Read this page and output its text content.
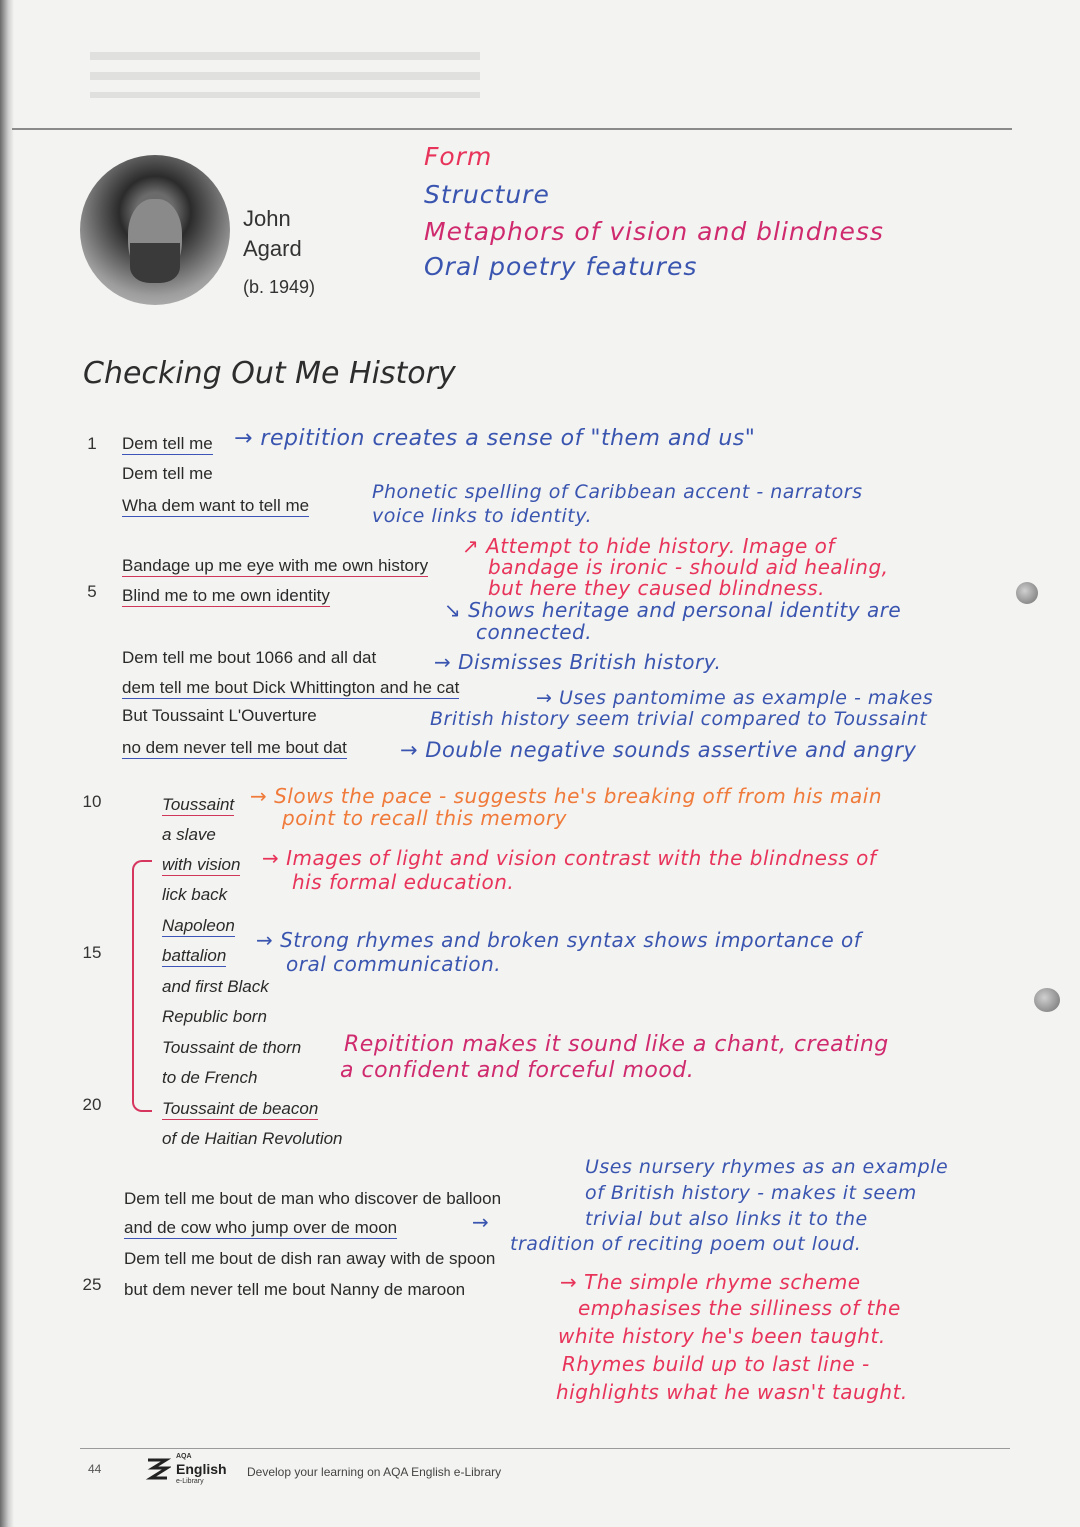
John
Agard
(b. 1949)
Form
Structure
Metaphors of vision and blindness
Oral poetry features
Checking Out Me History
1
5
10
15
20
25
Dem tell me
Dem tell me
Wha dem want to tell me
Bandage up me eye with me own history
Blind me to me own identity
Dem tell me bout 1066 and all dat
dem tell me bout Dick Whittington and he cat
But Toussaint L'Ouverture
no dem never tell me bout dat
Toussaint
a slave
with vision
lick back
Napoleon
battalion
and first Black
Republic born
Toussaint de thorn
to de French
Toussaint de beacon
of de Haitian Revolution
Dem tell me bout de man who discover de balloon
and de cow who jump over de moon
Dem tell me bout de dish ran away with de spoon
but dem never tell me bout Nanny de maroon
→ repitition creates a sense of "them and us"
Phonetic spelling of Caribbean accent - narrators
voice links to identity.
↗ Attempt to hide history. Image of
bandage is ironic - should aid healing,
but here they caused blindness.
↘ Shows heritage and personal identity are
connected.
→ Dismisses British history.
→ Uses pantomime as example - makes
British history seem trivial compared to Toussaint
→ Double negative sounds assertive and angry
→ Slows the pace - suggests he's breaking off from his main
point to recall this memory
→ Images of light and vision contrast with the blindness of
his formal education.
→ Strong rhymes and broken syntax shows importance of
oral communication.
Repitition makes it sound like a chant, creating
a confident and forceful mood.
Uses nursery rhymes as an example
of British history - makes it seem
trivial but also links it to the
tradition of reciting poem out loud.
→
→ The simple rhyme scheme
emphasises the silliness of the
white history he's been taught.
Rhymes build up to last line -
highlights what he wasn't taught.
44
AQA
English
e-Library
Develop your learning on AQA English e-Library
